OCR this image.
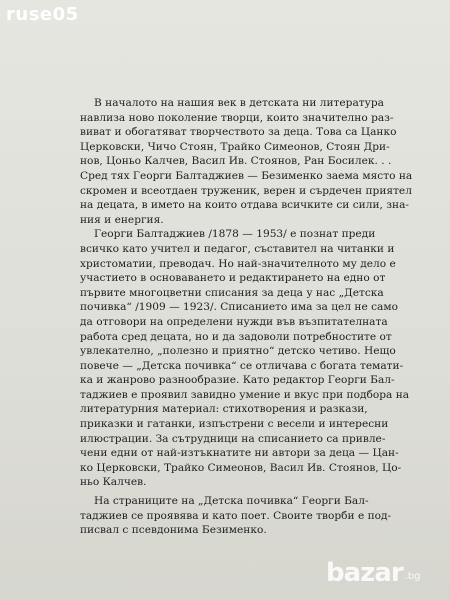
ruse05
В началото на нашия век в детската ни литература
навлиза ново поколение творци, които значително раз-
виват и обогатяват творчеството за деца. Това са Цанко
Церковски, Чичо Стоян, Трайко Симеонов, Стоян Дри-
нов, Цоньо Калчев, Васил Ив. Стоянов, Ран Босилек. . .
Сред тях Георги Балтаджиев — Безименко заема място на
скромен и всеотдаен труженик, верен и сърдечен приятел
на децата, в името на които отдава всичките си сили, зна-
ния и енергия.
Георги Балтаджиев /1878 — 1953/ е познат преди
всичко като учител и педагог, съставител на читанки и
христоматии, преводач. Но най-значителното му дело е
участието в основаването и редактирането на едно от
първите многоцветни списания за деца у нас „Детска
почивка“ /1909 — 1923/. Списанието има за цел не само
да отговори на определени нужди във възпитателната
работа сред децата, но и да задоволи потребностите от
увлекателно, „полезно и приятно“ детско четиво. Нещо
повече — „Детска почивка“ се отличава с богата темати-
ка и жанрово разнообразие. Като редактор Георги Бал-
таджиев е проявил завидно умение и вкус при подбора на
литературния материал: стихотворения и разкази,
приказки и гатанки, изпъстрени с весели и интересни
илюстрации. За сътрудници на списанието са привле-
чени едни от най-изтъкнатите ни автори за деца — Цан-
ко Церковски, Трайко Симеонов, Васил Ив. Стоянов, Цо-
ньо Калчев.
На страниците на „Детска почивка“ Георги Бал-
таджиев се проявява и като поет. Своите творби е под-
писвал с псевдонима Безименко.
bazar .bg
